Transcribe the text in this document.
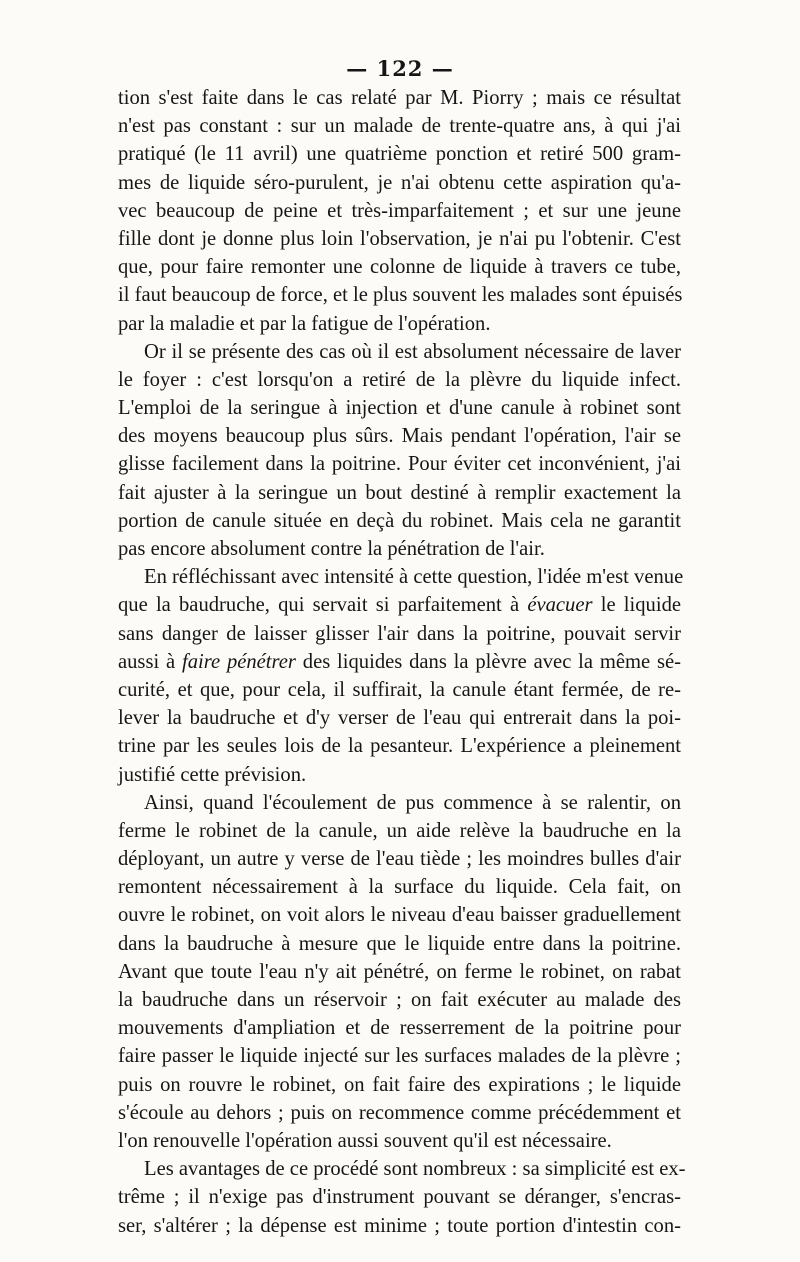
— 122 —
tion s'est faite dans le cas relaté par M. Piorry ; mais ce résultat
n'est pas constant : sur un malade de trente-quatre ans, à qui j'ai
pratiqué (le 11 avril) une quatrième ponction et retiré 500 gram-
mes de liquide séro-purulent, je n'ai obtenu cette aspiration qu'a-
vec beaucoup de peine et très-imparfaitement ; et sur une jeune
fille dont je donne plus loin l'observation, je n'ai pu l'obtenir. C'est
que, pour faire remonter une colonne de liquide à travers ce tube,
il faut beaucoup de force, et le plus souvent les malades sont épuisés
par la maladie et par la fatigue de l'opération.
Or il se présente des cas où il est absolument nécessaire de laver
le foyer : c'est lorsqu'on a retiré de la plèvre du liquide infect.
L'emploi de la seringue à injection et d'une canule à robinet sont
des moyens beaucoup plus sûrs. Mais pendant l'opération, l'air se
glisse facilement dans la poitrine. Pour éviter cet inconvénient, j'ai
fait ajuster à la seringue un bout destiné à remplir exactement la
portion de canule située en deçà du robinet. Mais cela ne garantit
pas encore absolument contre la pénétration de l'air.
En réfléchissant avec intensité à cette question, l'idée m'est venue
que la baudruche, qui servait si parfaitement à évacuer le liquide
sans danger de laisser glisser l'air dans la poitrine, pouvait servir
aussi à faire pénétrer des liquides dans la plèvre avec la même sé-
curité, et que, pour cela, il suffirait, la canule étant fermée, de re-
lever la baudruche et d'y verser de l'eau qui entrerait dans la poi-
trine par les seules lois de la pesanteur. L'expérience a pleinement
justifié cette prévision.
Ainsi, quand l'écoulement de pus commence à se ralentir, on
ferme le robinet de la canule, un aide relève la baudruche en la
déployant, un autre y verse de l'eau tiède ; les moindres bulles d'air
remontent nécessairement à la surface du liquide. Cela fait, on
ouvre le robinet, on voit alors le niveau d'eau baisser graduellement
dans la baudruche à mesure que le liquide entre dans la poitrine.
Avant que toute l'eau n'y ait pénétré, on ferme le robinet, on rabat
la baudruche dans un réservoir ; on fait exécuter au malade des
mouvements d'ampliation et de resserrement de la poitrine pour
faire passer le liquide injecté sur les surfaces malades de la plèvre ;
puis on rouvre le robinet, on fait faire des expirations ; le liquide
s'écoule au dehors ; puis on recommence comme précédemment et
l'on renouvelle l'opération aussi souvent qu'il est nécessaire.
Les avantages de ce procédé sont nombreux : sa simplicité est ex-
trême ; il n'exige pas d'instrument pouvant se déranger, s'encras-
ser, s'altérer ; la dépense est minime ; toute portion d'intestin con-
